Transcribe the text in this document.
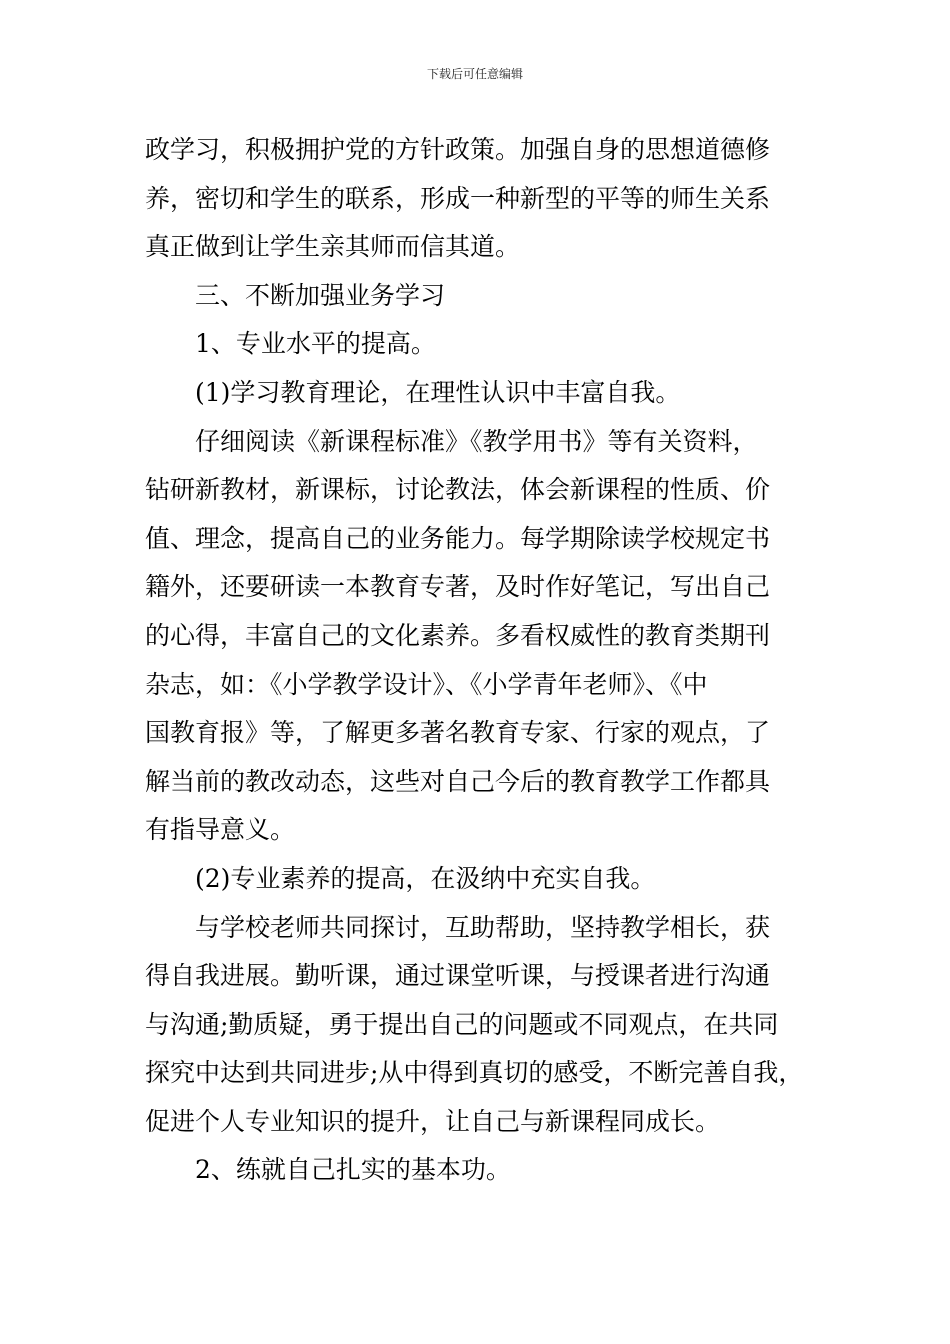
下载后可任意编辑
政学习，积极拥护党的方针政策。加强自身的思想道德修
养，密切和学生的联系，形成一种新型的平等的师生关系
真正做到让学生亲其师而信其道。
三、不断加强业务学习
1、专业水平的提高。
(1)学习教育理论，在理性认识中丰富自我。
仔细阅读《新课程标准》《教学用书》等有关资料，
钻研新教材，新课标，讨论教法，体会新课程的性质、价
值、理念，提高自己的业务能力。每学期除读学校规定书
籍外，还要研读一本教育专著，及时作好笔记，写出自己
的心得，丰富自己的文化素养。多看权威性的教育类期刊
杂志，如：《小学教学设计》、《小学青年老师》、《中
国教育报》等，了解更多著名教育专家、行家的观点，了
解当前的教改动态，这些对自己今后的教育教学工作都具
有指导意义。
(2)专业素养的提高，在汲纳中充实自我。
与学校老师共同探讨，互助帮助，坚持教学相长，获
得自我进展。勤听课，通过课堂听课，与授课者进行沟通
与沟通;勤质疑，勇于提出自己的问题或不同观点，在共同
探究中达到共同进步;从中得到真切的感受，不断完善自我，
促进个人专业知识的提升，让自己与新课程同成长。
2、练就自己扎实的基本功。
